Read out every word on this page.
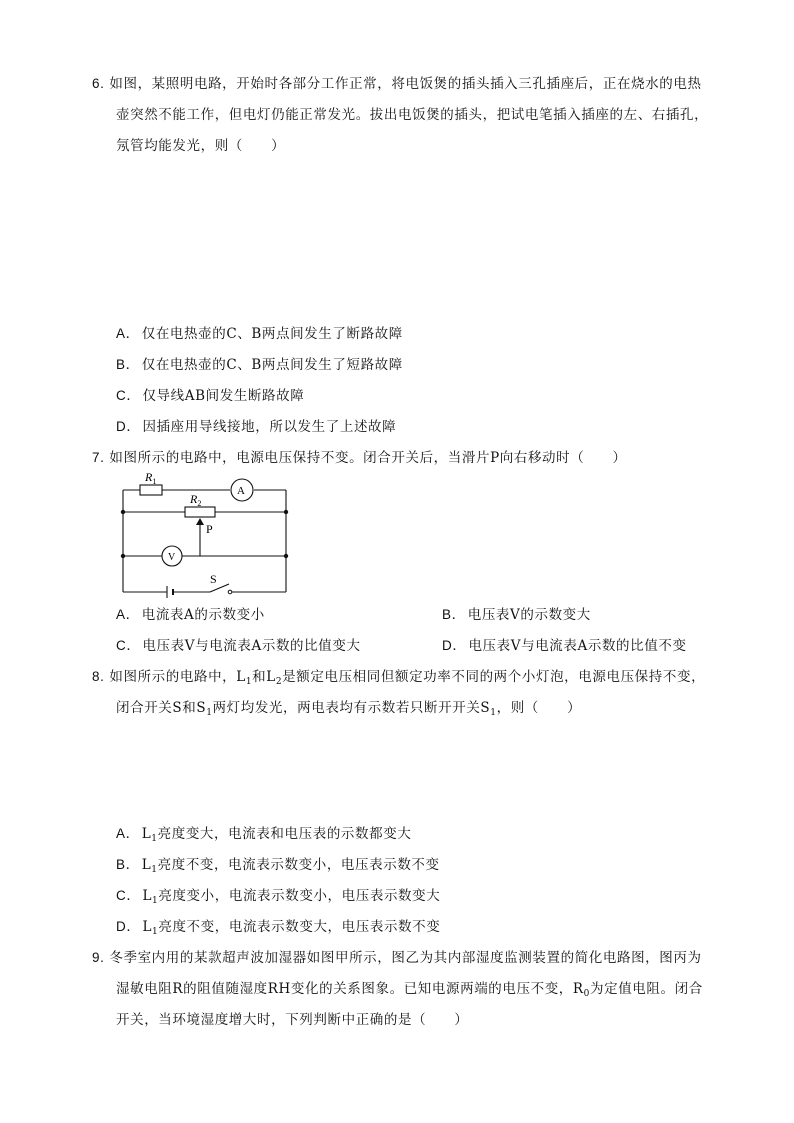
6. 如图，某照明电路，开始时各部分工作正常，将电饭煲的插头插入三孔插座后，正在烧水的电热
壶突然不能工作，但电灯仍能正常发光。拔出电饭煲的插头，把试电笔插入插座的左、右插孔，
氖管均能发光，则（　　）
A． 仅在电热壶的C、B两点间发生了断路故障
B． 仅在电热壶的C、B两点间发生了短路故障
C． 仅导线AB间发生断路故障
D． 因插座用导线接地，所以发生了上述故障
7. 如图所示的电路中，电源电压保持不变。闭合开关后，当滑片P向右移动时（　　）
$R_1$
$R_2$
A
V
P
S
A． 电流表A的示数变小	B． 电压表V的示数变大
C． 电压表V与电流表A示数的比值变大	D． 电压表V与电流表A示数的比值不变
8. 如图所示的电路中，$L_1$和$L_2$是额定电压相同但额定功率不同的两个小灯泡，电源电压保持不变，
闭合开关S和$S_1$两灯均发光，两电表均有示数若只断开开关$S_1$，则（　　）
A． $L_1$亮度变大，电流表和电压表的示数都变大
B． $L_1$亮度不变，电流表示数变小，电压表示数不变
C． $L_1$亮度变小，电流表示数变小，电压表示数变大
D． $L_1$亮度不变，电流表示数变大，电压表示数不变
9. 冬季室内用的某款超声波加湿器如图甲所示，图乙为其内部湿度监测装置的简化电路图，图丙为
湿敏电阻R的阻值随湿度RH变化的关系图象。已知电源两端的电压不变，$R_0$为定值电阻。闭合
开关，当环境湿度增大时，下列判断中正确的是（　　）
